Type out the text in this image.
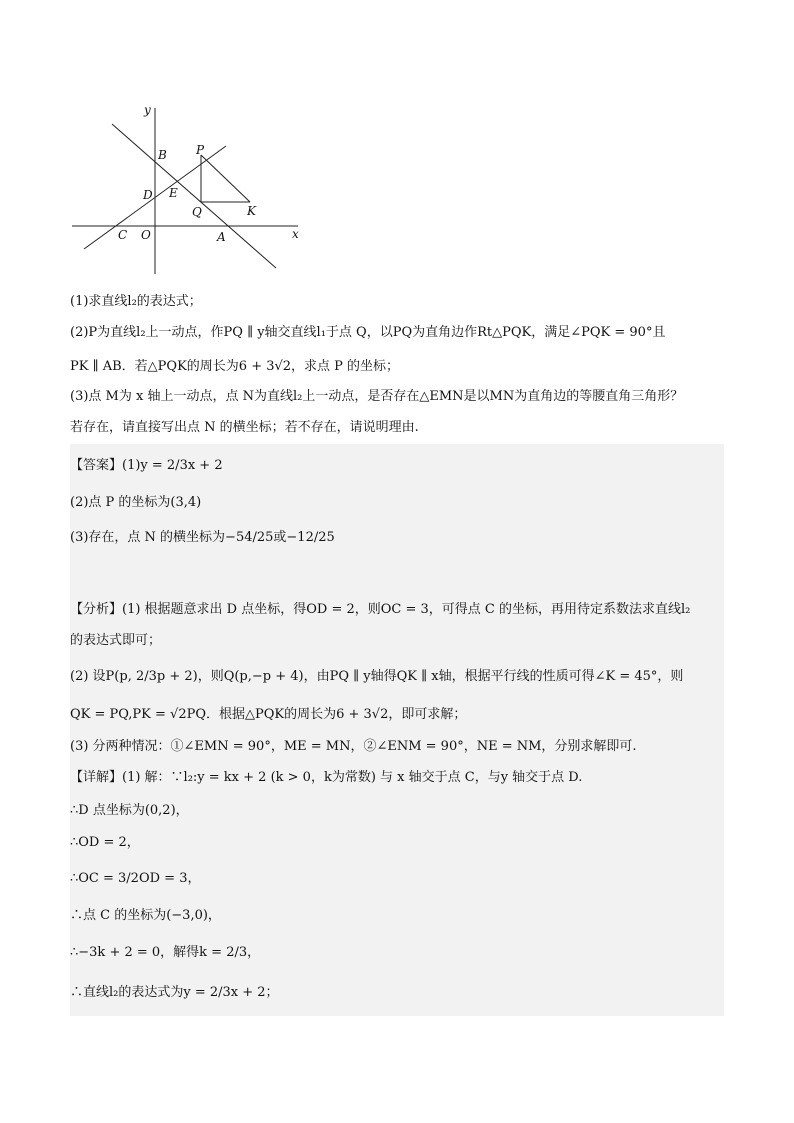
y
x
B P
D E
Q	K
C O	A
(1)求直线l₂的表达式；
(2)P为直线l₂上一动点，作PQ ∥ y轴交直线l₁于点 Q，以PQ为直角边作Rt△PQK，满足∠PQK = 90°且
PK ∥ AB．若△PQK的周长为6 + 3√2，求点 P 的坐标；
(3)点 M为 x 轴上一动点，点 N为直线l₂上一动点，是否存在△EMN是以MN为直角边的等腰直角三角形？
若存在，请直接写出点 N 的横坐标；若不存在，请说明理由.
【答案】(1)y = 2/3x + 2
(2)点 P 的坐标为(3,4)
(3)存在，点 N 的横坐标为−54/25或−12/25
【分析】(1) 根据题意求出 D 点坐标，得OD = 2，则OC = 3，可得点 C 的坐标，再用待定系数法求直线l₂
的表达式即可；
(2) 设P(p, 2/3p + 2)，则Q(p,−p + 4)，由PQ ∥ y轴得QK ∥ x轴，根据平行线的性质可得∠K = 45°，则
QK = PQ,PK = √2PQ．根据△PQK的周长为6 + 3√2，即可求解；
(3) 分两种情况：①∠EMN = 90°，ME = MN，②∠ENM = 90°，NE = NM，分别求解即可.
【详解】(1) 解：∵l₂:y = kx + 2 (k > 0，k为常数) 与 x 轴交于点 C，与y 轴交于点 D.
∴D 点坐标为(0,2)，
∴OD = 2，
∴OC = 3/2OD = 3，
∴点 C 的坐标为(−3,0)，
∴−3k + 2 = 0，解得k = 2/3，
∴直线l₂的表达式为y = 2/3x + 2；
